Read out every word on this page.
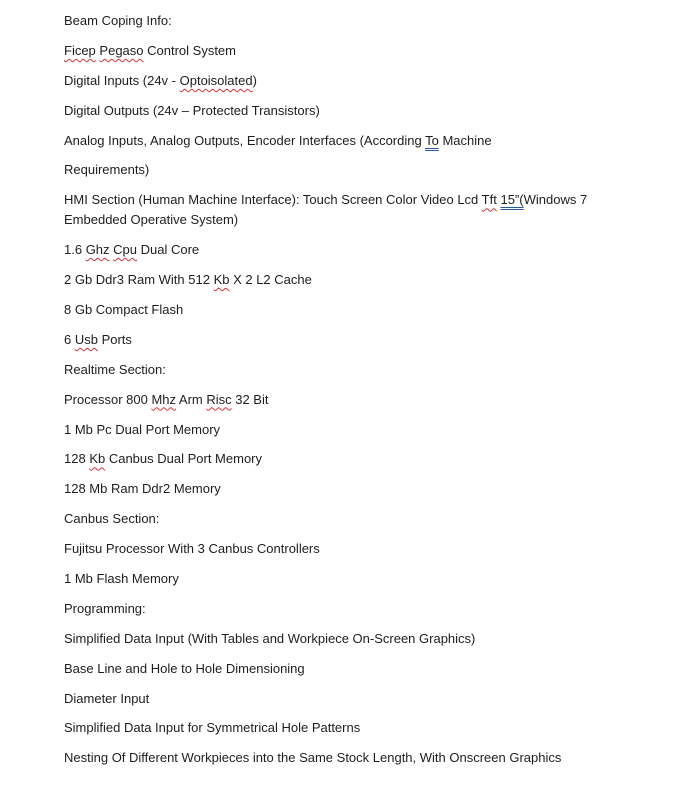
Beam Coping Info:

Ficep Pegaso Control System

Digital Inputs (24v - Optoisolated)

Digital Outputs (24v – Protected Transistors)

Analog Inputs, Analog Outputs, Encoder Interfaces (According To Machine

Requirements)

HMI Section (Human Machine Interface): Touch Screen Color Video Lcd Tft 15”(Windows 7 Embedded Operative System)

1.6 Ghz Cpu Dual Core

2 Gb Ddr3 Ram With 512 Kb X 2 L2 Cache

8 Gb Compact Flash

6 Usb Ports

Realtime Section:

Processor 800 Mhz Arm Risc 32 Bit

1 Mb Pc Dual Port Memory

128 Kb Canbus Dual Port Memory

128 Mb Ram Ddr2 Memory

Canbus Section:

Fujitsu Processor With 3 Canbus Controllers

1 Mb Flash Memory

Programming:

Simplified Data Input (With Tables and Workpiece On-Screen Graphics)

Base Line and Hole to Hole Dimensioning

Diameter Input

Simplified Data Input for Symmetrical Hole Patterns

Nesting Of Different Workpieces into the Same Stock Length, With Onscreen Graphics
